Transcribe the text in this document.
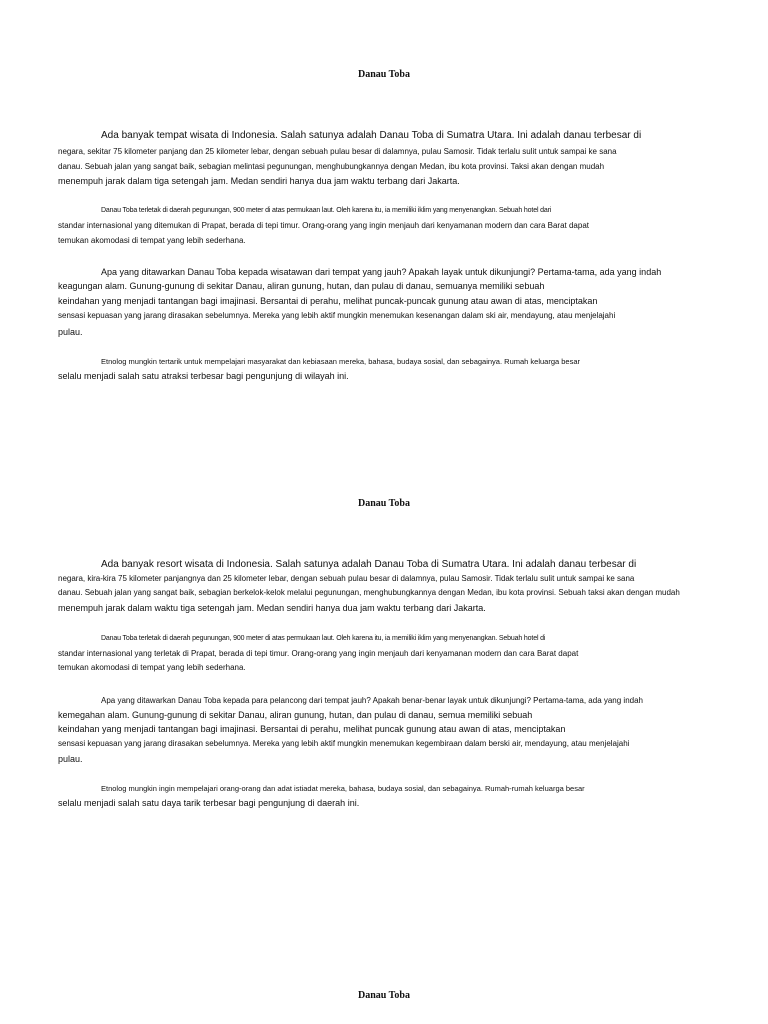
Danau Toba
Ada banyak tempat wisata di Indonesia. Salah satunya adalah Danau Toba di Sumatra Utara. Ini adalah danau terbesar di
negara, sekitar 75 kilometer panjang dan 25 kilometer lebar, dengan sebuah pulau besar di dalamnya, pulau Samosir. Tidak terlalu sulit untuk sampai ke sana
danau. Sebuah jalan yang sangat baik, sebagian melintasi pegunungan, menghubungkannya dengan Medan, ibu kota provinsi. Taksi akan dengan mudah
menempuh jarak dalam tiga setengah jam. Medan sendiri hanya dua jam waktu terbang dari Jakarta.
Danau Toba terletak di daerah pegunungan, 900 meter di atas permukaan laut. Oleh karena itu, ia memiliki iklim yang menyenangkan. Sebuah hotel dari
standar internasional yang ditemukan di Prapat, berada di tepi timur. Orang-orang yang ingin menjauh dari kenyamanan modern dan cara Barat dapat
temukan akomodasi di tempat yang lebih sederhana.
Apa yang ditawarkan Danau Toba kepada wisatawan dari tempat yang jauh? Apakah layak untuk dikunjungi? Pertama-tama, ada yang indah
keagungan alam. Gunung-gunung di sekitar Danau, aliran gunung, hutan, dan pulau di danau, semuanya memiliki sebuah
keindahan yang menjadi tantangan bagi imajinasi. Bersantai di perahu, melihat puncak-puncak gunung atau awan di atas, menciptakan
sensasi kepuasan yang jarang dirasakan sebelumnya. Mereka yang lebih aktif mungkin menemukan kesenangan dalam ski air, mendayung, atau menjelajahi
pulau.
Etnolog mungkin tertarik untuk mempelajari masyarakat dan kebiasaan mereka, bahasa, budaya sosial, dan sebagainya. Rumah keluarga besar
selalu menjadi salah satu atraksi terbesar bagi pengunjung di wilayah ini.
Danau Toba
Ada banyak resort wisata di Indonesia. Salah satunya adalah Danau Toba di Sumatra Utara. Ini adalah danau terbesar di
negara, kira-kira 75 kilometer panjangnya dan 25 kilometer lebar, dengan sebuah pulau besar di dalamnya, pulau Samosir. Tidak terlalu sulit untuk sampai ke sana
danau. Sebuah jalan yang sangat baik, sebagian berkelok-kelok melalui pegunungan, menghubungkannya dengan Medan, ibu kota provinsi. Sebuah taksi akan dengan mudah
menempuh jarak dalam waktu tiga setengah jam. Medan sendiri hanya dua jam waktu terbang dari Jakarta.
Danau Toba terletak di daerah pegunungan, 900 meter di atas permukaan laut. Oleh karena itu, ia memiliki iklim yang menyenangkan. Sebuah hotel di
standar internasional yang terletak di Prapat, berada di tepi timur. Orang-orang yang ingin menjauh dari kenyamanan modern dan cara Barat dapat
temukan akomodasi di tempat yang lebih sederhana.
Apa yang ditawarkan Danau Toba kepada para pelancong dari tempat jauh? Apakah benar-benar layak untuk dikunjungi? Pertama-tama, ada yang indah
kemegahan alam. Gunung-gunung di sekitar Danau, aliran gunung, hutan, dan pulau di danau, semua memiliki sebuah
keindahan yang menjadi tantangan bagi imajinasi. Bersantai di perahu, melihat puncak gunung atau awan di atas, menciptakan
sensasi kepuasan yang jarang dirasakan sebelumnya. Mereka yang lebih aktif mungkin menemukan kegembiraan dalam berski air, mendayung, atau menjelajahi
pulau.
Etnolog mungkin ingin mempelajari orang-orang dan adat istiadat mereka, bahasa, budaya sosial, dan sebagainya. Rumah-rumah keluarga besar
selalu menjadi salah satu daya tarik terbesar bagi pengunjung di daerah ini.
Danau Toba
